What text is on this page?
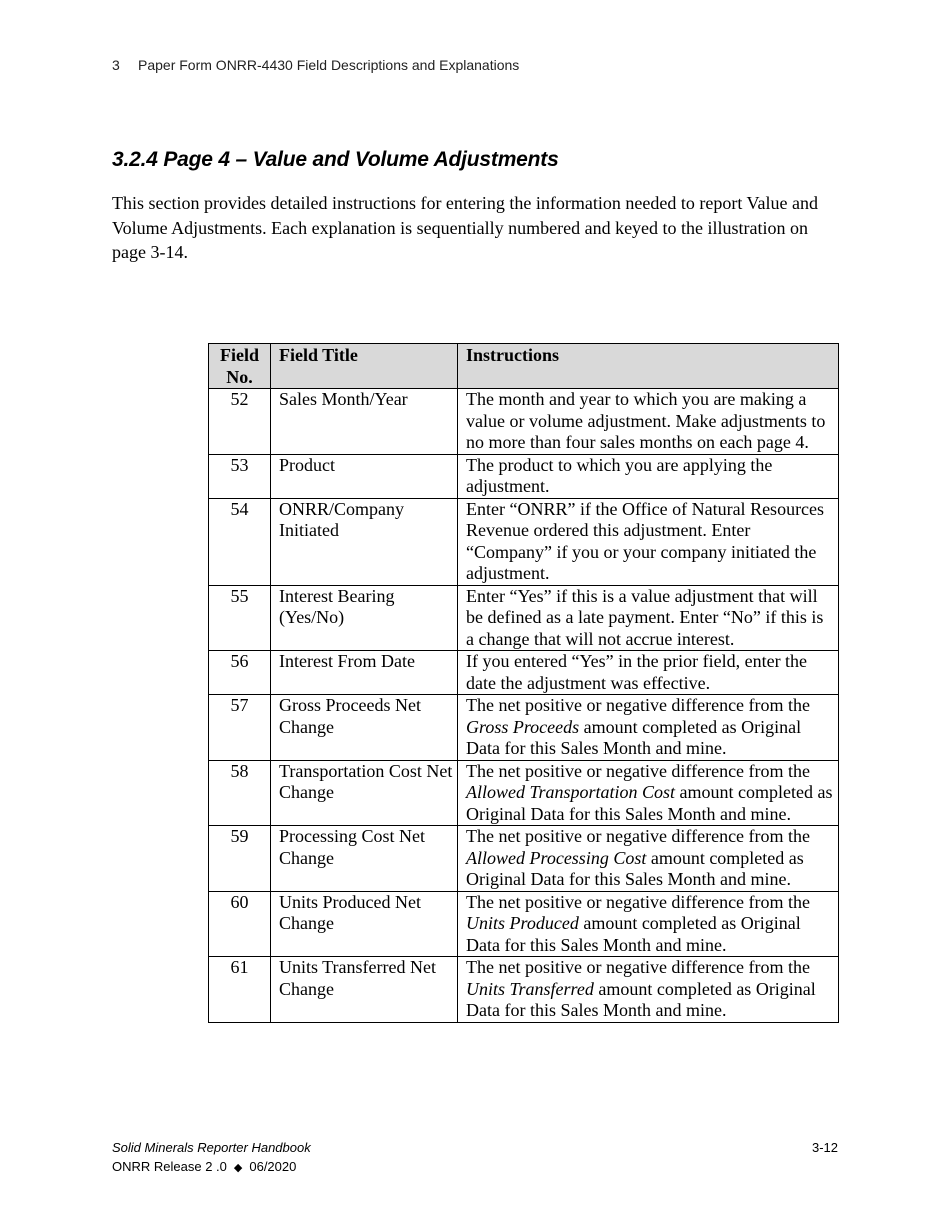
3 Paper Form ONRR-4430 Field Descriptions and Explanations
3.2.4 Page 4 – Value and Volume Adjustments

This section provides detailed instructions for entering the information needed to report Value and Volume Adjustments. Each explanation is sequentially numbered and keyed to the illustration on page 3-14.

Field No.	Field Title	Instructions
52	Sales Month/Year	The month and year to which you are making a value or volume adjustment. Make adjustments to no more than four sales months on each page 4.
53	Product	The product to which you are applying the adjustment.
54	ONRR/Company Initiated	Enter “ONRR” if the Office of Natural Resources Revenue ordered this adjustment. Enter “Company” if you or your company initiated the adjustment.
55	Interest Bearing (Yes/No)	Enter “Yes” if this is a value adjustment that will be defined as a late payment. Enter “No” if this is a change that will not accrue interest.
56	Interest From Date	If you entered “Yes” in the prior field, enter the date the adjustment was effective.
57	Gross Proceeds Net Change	The net positive or negative difference from the Gross Proceeds amount completed as Original Data for this Sales Month and mine.
58	Transportation Cost Net Change	The net positive or negative difference from the Allowed Transportation Cost amount completed as Original Data for this Sales Month and mine.
59	Processing Cost Net Change	The net positive or negative difference from the Allowed Processing Cost amount completed as Original Data for this Sales Month and mine.
60	Units Produced Net Change	The net positive or negative difference from the Units Produced amount completed as Original Data for this Sales Month and mine.
61	Units Transferred Net Change	The net positive or negative difference from the Units Transferred amount completed as Original Data for this Sales Month and mine.
Solid Minerals Reporter Handbook
ONRR Release 2 .0 ◆ 06/2020
3-12
